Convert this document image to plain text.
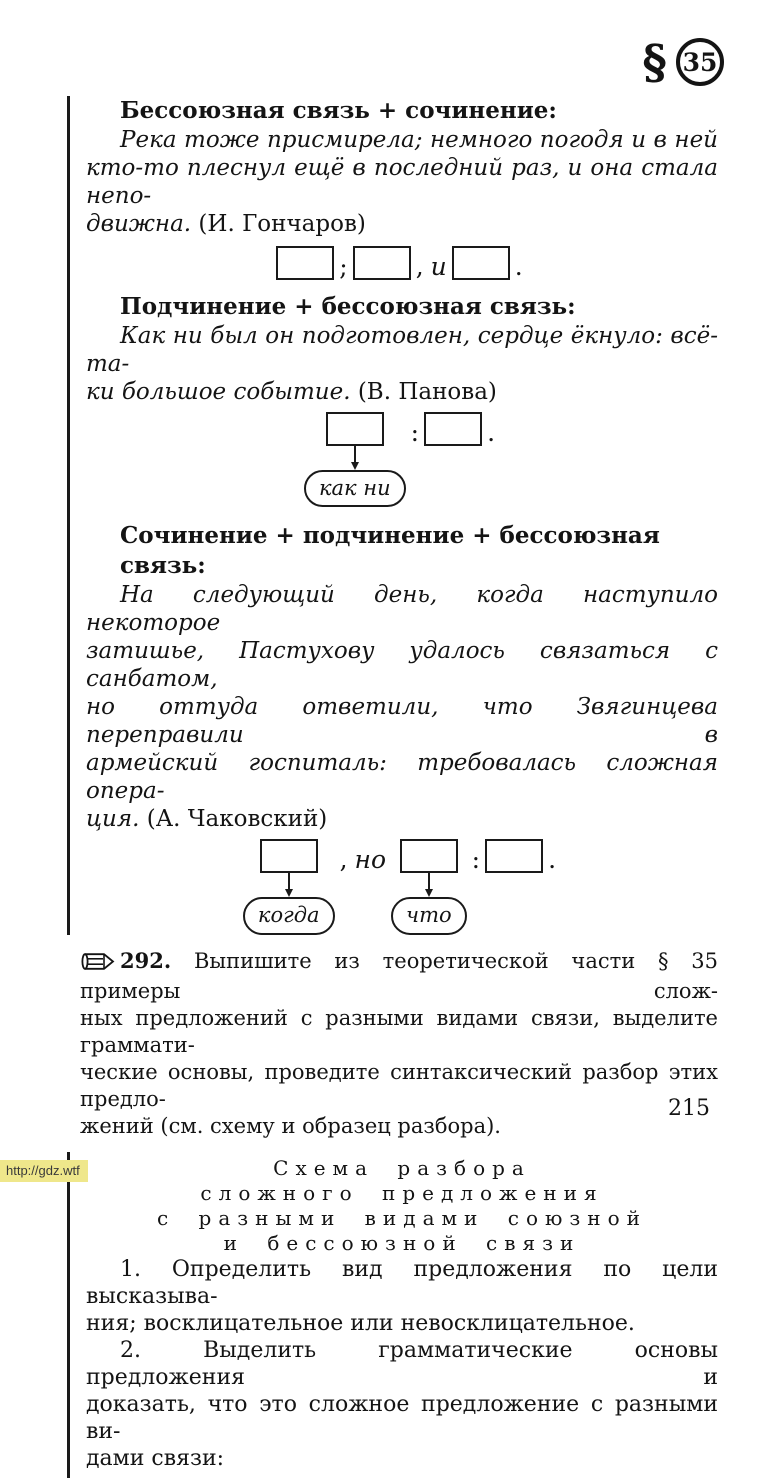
§ 35
Бессоюзная связь + сочинение:
Река тоже присмирела; немного погодя и в ней
кто-то плеснул ещё в последний раз, и она стала непо-
движна. (И. Гончаров)
;	, и	.
Подчинение + бессоюзная связь:
Как ни был он подготовлен, сердце ёкнуло: всё-та-
ки большое событие. (В. Панова)
как ни
:	.
Сочинение + подчинение + бессоюзная связь:
На следующий день, когда наступило некоторое
затишье, Пастухову удалось связаться с санбатом,
но оттуда ответили, что Звягинцева переправили в
армейский госпиталь: требовалась сложная опера-
ция. (А. Чаковский)
когда
, но
что
:	.
292. Выпишите из теоретической части § 35 примеры слож-
ных предложений с разными видами связи, выделите граммати-
ческие основы, проведите синтаксический разбор этих предло-
жений (см. схему и образец разбора).
Схема разбора
сложного предложения
с разными видами союзной
и бессоюзной связи
1. Определить вид предложения по цели высказыва-
ния; восклицательное или невосклицательное.
2. Выделить грамматические основы предложения и
доказать, что это сложное предложение с разными ви-
дами связи:
215
http://gdz.wtf
